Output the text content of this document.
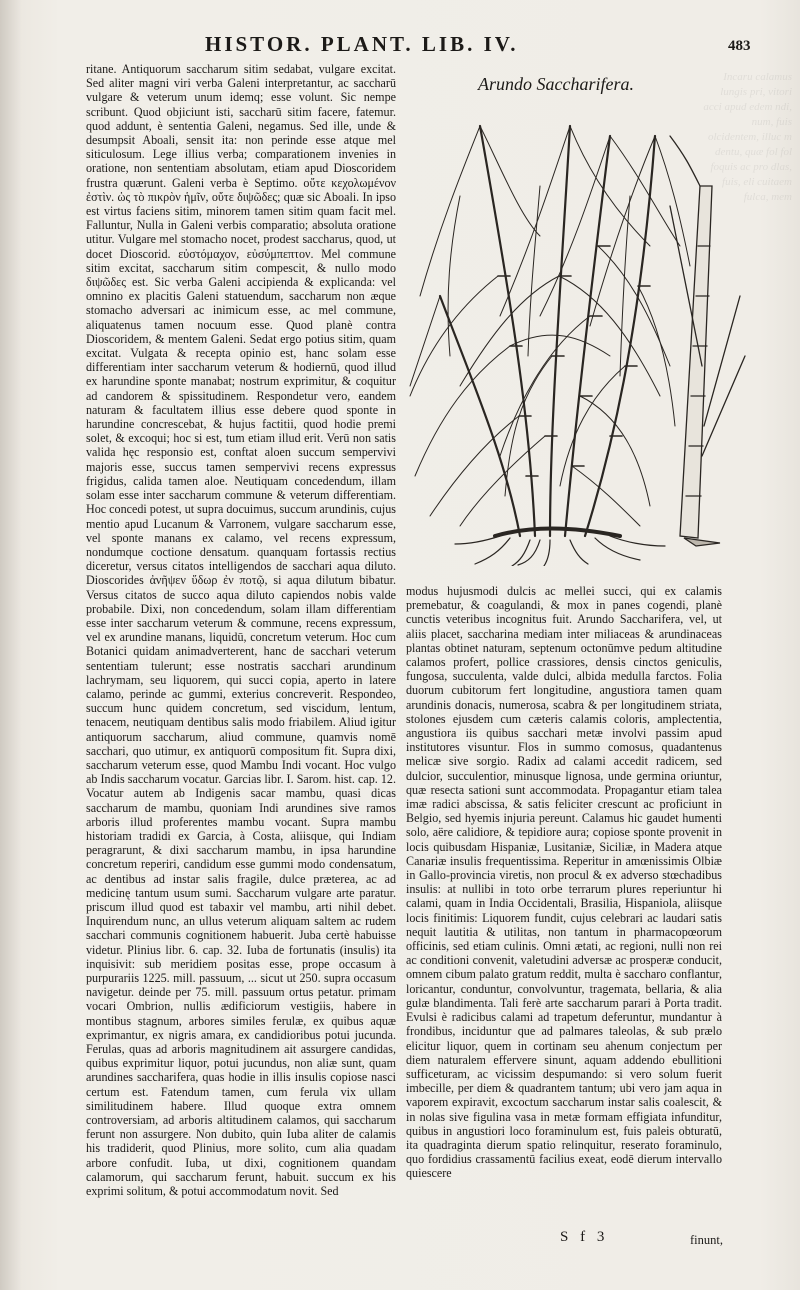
Incaru calamus lungis pri, vitori acci apud edem ndi, num, fuis olcidentem, illuc m dentu, quæ fol fol foquis ac pro dlas, fuis, eli cuitaem fulca, mem
HISTOR. PLANT. LIB. IV.	483

ritane. Antiquorum saccharum sitim sedabat, vulgare excitat. Sed aliter magni viri verba Galeni interpretantur, ac saccharū vulgare & veterum unum idemq; esse volunt. Sic nempe scribunt. Quod objiciunt isti, saccharū sitim facere, fatemur. quod addunt, è sententia Galeni, negamus. Sed ille, unde & desumpsit Aboali, sensit ita: non perinde esse atque mel siticulosum. Lege illius verba; comparationem invenies in oratione, non sententiam absolutam, etiam apud Dioscoridem frustra quærunt. Galeni verba è Septimo. οὔτε κεχολωμένον ἐστὶν. ὡς τὸ πικρὸν ἡμῖν, οὔτε διψῶδες; quæ sic Aboali. In ipso est virtus faciens sitim, minorem tamen sitim quam facit mel. Falluntur, Nulla in Galeni verbis comparatio; absoluta oratione utitur. Vulgare mel stomacho nocet, prodest saccharus, quod, ut docet Dioscorid. εὐστόμαχον, εὐσύμπεπτον. Mel commune sitim excitat, saccharum sitim compescit, & nullo modo διψῶδες est. Sic verba Galeni accipienda & explicanda: vel omnino ex placitis Galeni statuendum, saccharum non æque stomacho adversari ac inimicum esse, ac mel commune, aliquatenus tamen nocuum esse. Quod planè contra Dioscoridem, & mentem Galeni. Sedat ergo potius sitim, quam excitat. Vulgata & recepta opinio est, hanc solam esse differentiam inter saccharum veterum & hodiernū, quod illud ex harundine sponte manabat; nostrum exprimitur, & coquitur ad candorem & spissitudinem. Respondetur vero, eandem naturam & facultatem illius esse debere quod sponte in harundine concrescebat, & hujus factitii, quod hodie premi solet, & excoqui; hoc si est, tum etiam illud erit. Verū non satis valida hęc responsio est, conftat aloen succum sempervivi majoris esse, succus tamen sempervivi recens expressus frigidus, calida tamen aloe. Neutiquam concedendum, illam solam esse inter saccharum commune & veterum differentiam. Hoc concedi potest, ut supra docuimus, succum arundinis, cujus mentio apud Lucanum & Varronem, vulgare saccharum esse, vel sponte manans ex calamo, vel recens expressum, nondumque coctione densatum. quanquam fortassis rectius diceretur, versus citatos intelligendos de sacchari aqua diluto. Dioscorides ἀνῆψεν ὕδωρ ἐν ποτῷ, si aqua dilutum bibatur. Versus citatos de succo aqua diluto capiendos nobis valde probabile. Dixi, non concedendum, solam illam differentiam esse inter saccharum veterum & commune, recens expressum, vel ex arundine manans, liquidū, concretum veterum. Hoc cum Botanici quidam animadverterent, hanc de sacchari veterum sententiam tulerunt; esse nostratis sacchari arundinum lachrymam, seu liquorem, qui succi copia, aperto in latere calamo, perinde ac gummi, exterius concreverit. Respondeo, succum hunc quidem concretum, sed viscidum, lentum, tenacem, neutiquam dentibus salis modo friabilem. Aliud igitur antiquorum saccharum, aliud commune, quamvis nomē sacchari, quo utimur, ex antiquorū compositum fit. Supra dixi, saccharum veterum esse, quod Mambu Indi vocant. Hoc vulgo ab Indis saccharum vocatur. Garcias libr. I. Sarom. hist. cap. 12. Vocatur autem ab Indigenis sacar mambu, quasi dicas saccharum de mambu, quoniam Indi arundines sive ramos arboris illud proferentes mambu vocant. Supra mambu historiam tradidi ex Garcia, à Costa, aliisque, qui Indiam peragrarunt, & dixi saccharum mambu, in ipsa harundine concretum reperiri, candidum esse gummi modo condensatum, ac dentibus ad instar salis fragile, dulce præterea, ac ad medicinę tantum usum sumi. Saccharum vulgare arte paratur. priscum illud quod est tabaxir vel mambu, arti nihil debet. Inquirendum nunc, an ullus veterum aliquam saltem ac rudem sacchari communis cognitionem habuerit. Juba certè habuisse videtur. Plinius libr. 6. cap. 32. Iuba de fortunatis (insulis) ita inquisivit: sub meridiem positas esse, prope occasum à purpurariis 1225. mill. passuum, ... sicut ut 250. supra occasum navigetur. deinde per 75. mill. passuum ortus petatur. primam vocari Ombrion, nullis ædificiorum vestigiis, habere in montibus stagnum, arbores similes ferulæ, ex quibus aquæ exprimantur, ex nigris amara, ex candidioribus potui jucunda. Ferulas, quas ad arboris magnitudinem ait assurgere candidas, quibus exprimitur liquor, potui jucundus, non aliæ sunt, quam arundines saccharifera, quas hodie in illis insulis copiose nasci certum est. Fatendum tamen, cum ferula vix ullam similitudinem habere. Illud quoque extra omnem controversiam, ad arboris altitudinem calamos, qui saccharum ferunt non assurgere. Non dubito, quin Iuba aliter de calamis his tradiderit, quod Plinius, more solito, cum alia quadam arbore confudit. Iuba, ut dixi, cognitionem quandam calamorum, qui saccharum ferunt, habuit. succum ex his exprimi solitum, & potui accommodatum novit. Sed

Arundo Saccharifera.

modus hujusmodi dulcis ac mellei succi, qui ex calamis premebatur, & coagulandi, & mox in panes cogendi, planè cunctis veteribus incognitus fuit. Arundo Saccharifera, vel, ut aliis placet, saccharina mediam inter miliaceas & arundinaceas plantas obtinet naturam, septenum octonūmve pedum altitudine calamos profert, pollice crassiores, densis cinctos geniculis, fungosa, succulenta, valde dulci, albida medulla farctos. Folia duorum cubitorum fert longitudine, angustiora tamen quam arundinis donacis, numerosa, scabra & per longitudinem striata, stolones ejusdem cum cæteris calamis coloris, amplectentia, angustiora iis quibus sacchari metæ involvi passim apud institutores visuntur. Flos in summo comosus, quadantenus melicæ sive sorgio. Radix ad calami accedit radicem, sed dulcior, succulentior, minusque lignosa, unde germina oriuntur, quæ resecta sationi sunt accommodata. Propagantur etiam talea imæ radici abscissa, & satis feliciter crescunt ac proficiunt in Belgio, sed hyemis injuria pereunt. Calamus hic gaudet humenti solo, aëre calidiore, & tepidiore aura; copiose sponte provenit in locis quibusdam Hispaniæ, Lusitaniæ, Siciliæ, in Madera atque Canariæ insulis frequentissima. Reperitur in amœnissimis Olbiæ in Gallo-provincia viretis, non procul & ex adverso stœchadibus insulis: at nullibi in toto orbe terrarum plures reperiuntur hi calami, quam in India Occidentali, Brasilia, Hispaniola, aliisque locis finitimis: Liquorem fundit, cujus celebrari ac laudari satis nequit lautitia & utilitas, non tantum in pharmacopœorum officinis, sed etiam culinis. Omni ætati, ac regioni, nulli non rei ac conditioni convenit, valetudini adversæ ac prosperæ conducit, omnem cibum palato gratum reddit, multa è saccharo conflantur, loricantur, conduntur, convolvuntur, tragemata, bellaria, & alia gulæ blandimenta. Tali ferè arte saccharum parari à Porta tradit. Evulsi è radicibus calami ad trapetum deferuntur, mundantur à frondibus, inciduntur que ad palmares taleolas, & sub prælo elicitur liquor, quem in cortinam seu ahenum conjectum per diem naturalem effervere sinunt, aquam addendo ebullitioni sufficeturam, ac vicissim despumando: si vero solum fuerit imbecille, per diem & quadrantem tantum; ubi vero jam aqua in vaporem expiravit, excoctum saccharum instar salis coalescit, & in nolas sive figulina vasa in metæ formam effigiata infunditur, quibus in angustiori loco foraminulum est, fuis paleis obturatū, ita quadraginta dierum spatio relinquitur, reserato foraminulo, quo fordidius crassamentū facilius exeat, eodē dierum intervallo quiescere

S f 3	finunt,
